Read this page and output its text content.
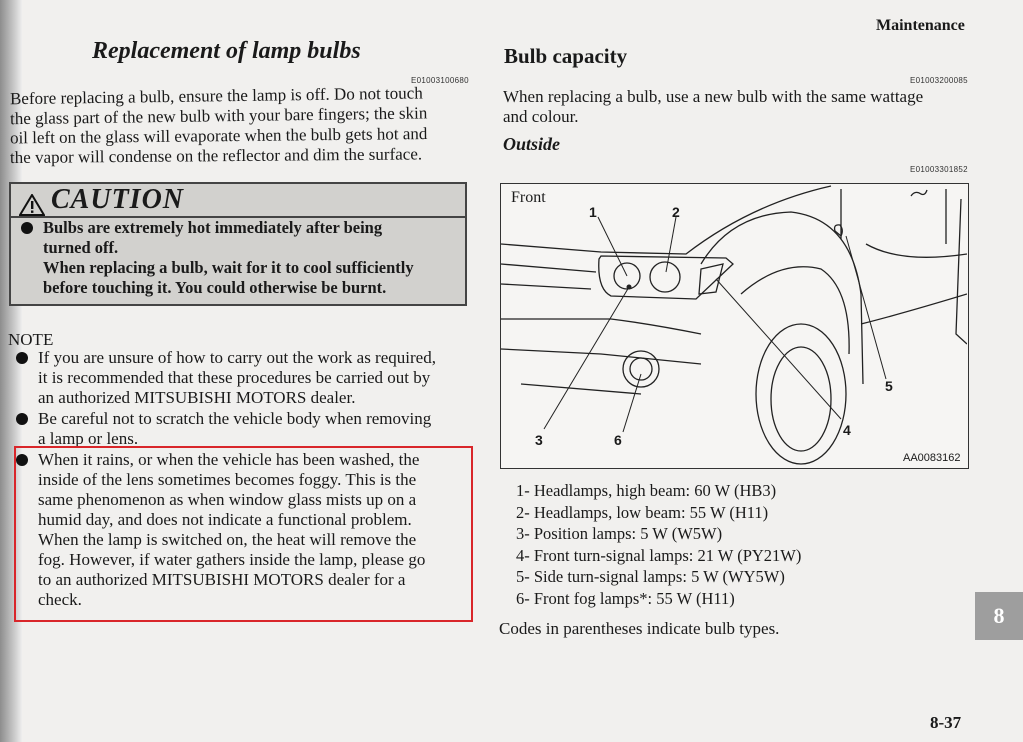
Maintenance
Replacement of lamp bulbs
E01003100680
Before replacing a bulb, ensure the lamp is off. Do not touch
the glass part of the new bulb with your bare fingers; the skin
oil left on the glass will evaporate when the bulb gets hot and
the vapor will condense on the reflector and dim the surface.
CAUTION
Bulbs are extremely hot immediately after being
turned off.
When replacing a bulb, wait for it to cool sufficiently
before touching it. You could otherwise be burnt.
NOTE
If you are unsure of how to carry out the work as required,
it is recommended that these procedures be carried out by
an authorized MITSUBISHI MOTORS dealer.
Be careful not to scratch the vehicle body when removing
a lamp or lens.
When it rains, or when the vehicle has been washed, the
inside of the lens sometimes becomes foggy. This is the
same phenomenon as when window glass mists up on a
humid day, and does not indicate a functional problem.
When the lamp is switched on, the heat will remove the
fog. However, if water gathers inside the lamp, please go
to an authorized MITSUBISHI MOTORS dealer for a
check.
Bulb capacity
E01003200085
When replacing a bulb, use a new bulb with the same wattage
and colour.
Outside
E01003301852
Front
1	2
3
4
5
6
AA0083162
1- Headlamps, high beam: 60 W (HB3)
2- Headlamps, low beam: 55 W (H11)
3- Position lamps: 5 W (W5W)
4- Front turn-signal lamps: 21 W (PY21W)
5- Side turn-signal lamps: 5 W (WY5W)
6- Front fog lamps*: 55 W (H11)
Codes in parentheses indicate bulb types.
8
8-37
